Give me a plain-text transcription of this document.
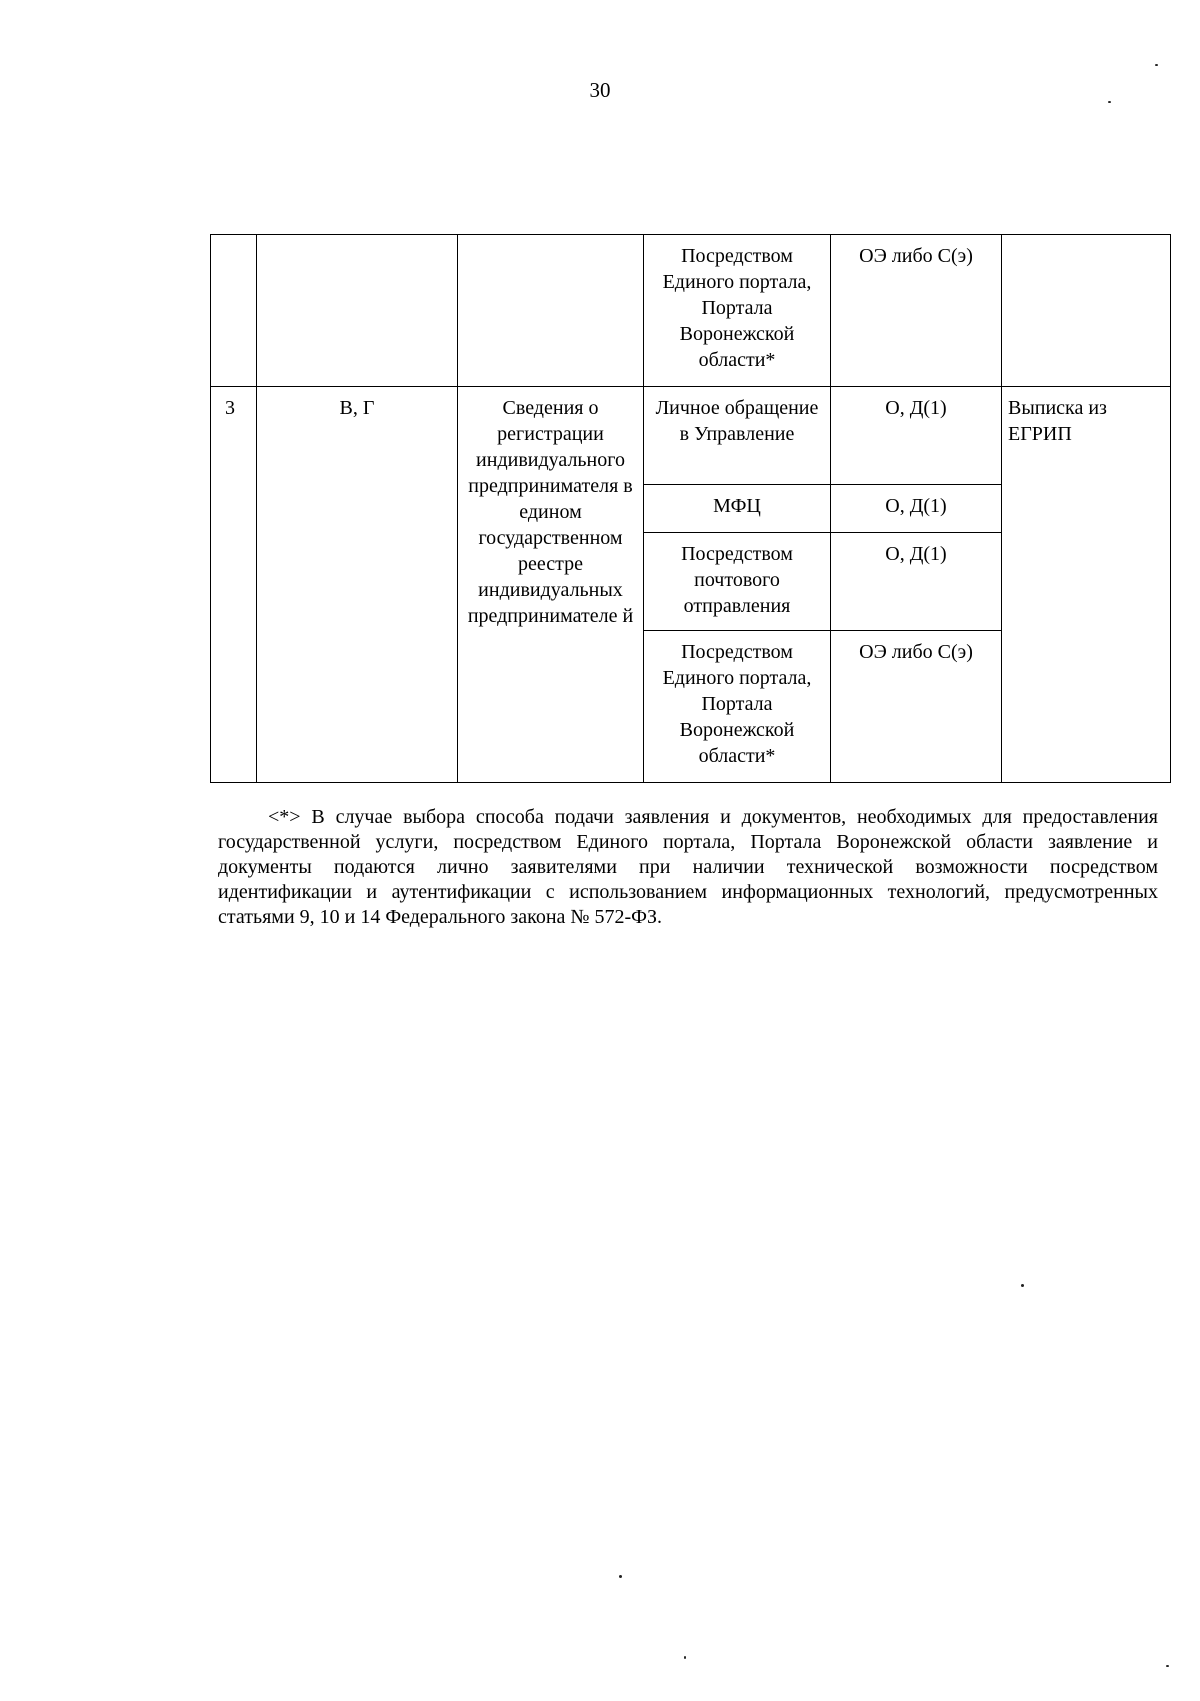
30
			Посредством Единого портала, Портала Воронежской области*	ОЭ либо С(э)	
3	В, Г	Сведения о регистрации индивидуального предпринимателя в едином государственном реестре индивидуальных предпринимателе й	Личное обращение в Управление	О, Д(1)	Выписка из ЕГРИП
			МФЦ	О, Д(1)	
			Посредством почтового отправления	О, Д(1)	
			Посредством Единого портала, Портала Воронежской области*	ОЭ либо С(э)	

<*> В случае выбора способа подачи заявления и документов, необходимых для предоставления государственной услуги, посредством Единого портала, Портала Воронежской области заявление и документы подаются лично заявителями при наличии технической возможности посредством идентификации и аутентификации с использованием информационных технологий, предусмотренных статьями 9, 10 и 14 Федерального закона № 572-ФЗ.
